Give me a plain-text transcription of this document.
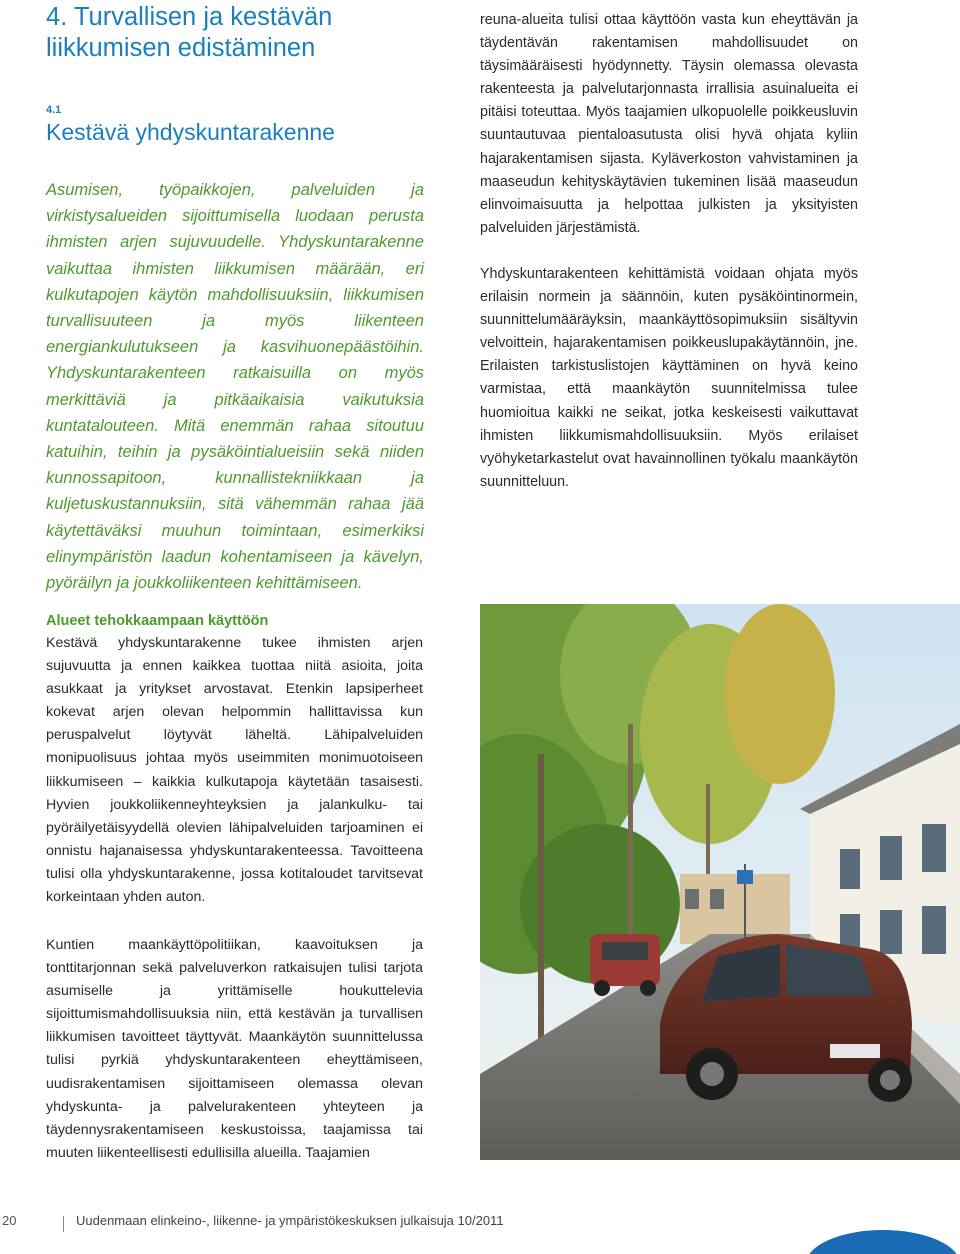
4. Turvallisen ja kestävän liikkumisen edistäminen
4.1
Kestävä yhdyskuntarakenne

Asumisen, työpaikkojen, palveluiden ja virkistysalueiden sijoittumisella luodaan perusta ihmisten arjen sujuvuudelle. Yhdyskuntarakenne vaikuttaa ihmisten liikkumisen määrään, eri kulkutapojen käytön mahdollisuuksiin, liikkumisen turvallisuuteen ja myös liikenteen energiankulutukseen ja kasvihuonepäästöihin. Yhdyskuntarakenteen ratkaisuilla on myös merkittäviä ja pitkäaikaisia vaikutuksia kuntatalouteen. Mitä enemmän rahaa sitoutuu katuihin, teihin ja pysäköintialueisiin sekä niiden kunnossapitoon, kunnallistekniikkaan ja kuljetuskustannuksiin, sitä vähemmän rahaa jää käytettäväksi muuhun toimintaan, esimerkiksi elinympäristön laadun kohentamiseen ja kävelyn, pyöräilyn ja joukkoliikenteen kehittämiseen.

reuna-alueita tulisi ottaa käyttöön vasta kun eheyttävän ja täydentävän rakentamisen mahdollisuudet on täysimääräisesti hyödynnetty. Täysin olemassa olevasta rakenteesta ja palvelutarjonnasta irrallisia asuinalueita ei pitäisi toteuttaa. Myös taajamien ulkopuolelle poikkeusluvin suuntautuvaa pientaloasutusta olisi hyvä ohjata kyliin hajarakentamisen sijasta. Kyläverkoston vahvistaminen ja maaseudun kehityskäytävien tukeminen lisää maaseudun elinvoimaisuutta ja helpottaa julkisten ja yksityisten palveluiden järjestämistä.

Yhdyskuntarakenteen kehittämistä voidaan ohjata myös erilaisin normein ja säännöin, kuten pysäköintinormein, suunnittelumääräyksin, maankäyttösopimuksiin sisältyvin velvoittein, hajarakentamisen poikkeuslupakäytännöin, jne. Erilaisten tarkistuslistojen käyttäminen on hyvä keino varmistaa, että maankäytön suunnitelmissa tulee huomioitua kaikki ne seikat, jotka keskeisesti vaikuttavat ihmisten liikkumismahdollisuuksiin. Myös erilaiset vyöhyketarkastelut ovat havainnollinen työkalu maankäytön suunnitteluun.

Alueet tehokkaampaan käyttöön

Kestävä yhdyskuntarakenne tukee ihmisten arjen sujuvuutta ja ennen kaikkea tuottaa niitä asioita, joita asukkaat ja yritykset arvostavat. Etenkin lapsiperheet kokevat arjen olevan helpommin hallittavissa kun peruspalvelut löytyvät läheltä. Lähipalveluiden monipuolisuus johtaa myös useimmiten monimuotoiseen liikkumiseen – kaikkia kulkutapoja käytetään tasaisesti. Hyvien joukkoliikenneyhteyksien ja jalankulku- tai pyöräilyetäisyydellä olevien lähipalveluiden tarjoaminen ei onnistu hajanaisessa yhdyskuntarakenteessa. Tavoitteena tulisi olla yhdyskuntarakenne, jossa kotitaloudet tarvitsevat korkeintaan yhden auton.

Kuntien maankäyttöpolitiikan, kaavoituksen ja tonttitarjonnan sekä palveluverkon ratkaisujen tulisi tarjota asumiselle ja yrittämiselle houkuttelevia sijoittumismahdollisuuksia niin, että kestävän ja turvallisen liikkumisen tavoitteet täyttyvät. Maankäytön suunnittelussa tulisi pyrkiä yhdyskuntarakenteen eheyttämiseen, uudisrakentamisen sijoittamiseen olemassa olevan yhdyskunta- ja palvelurakenteen yhteyteen ja täydennysrakentamiseen keskustoissa, taajamissa tai muuten liikenteellisesti edullisilla alueilla. Taajamien

20	Uudenmaan elinkeino-, liikenne- ja ympäristökeskuksen julkaisuja 10/2011
